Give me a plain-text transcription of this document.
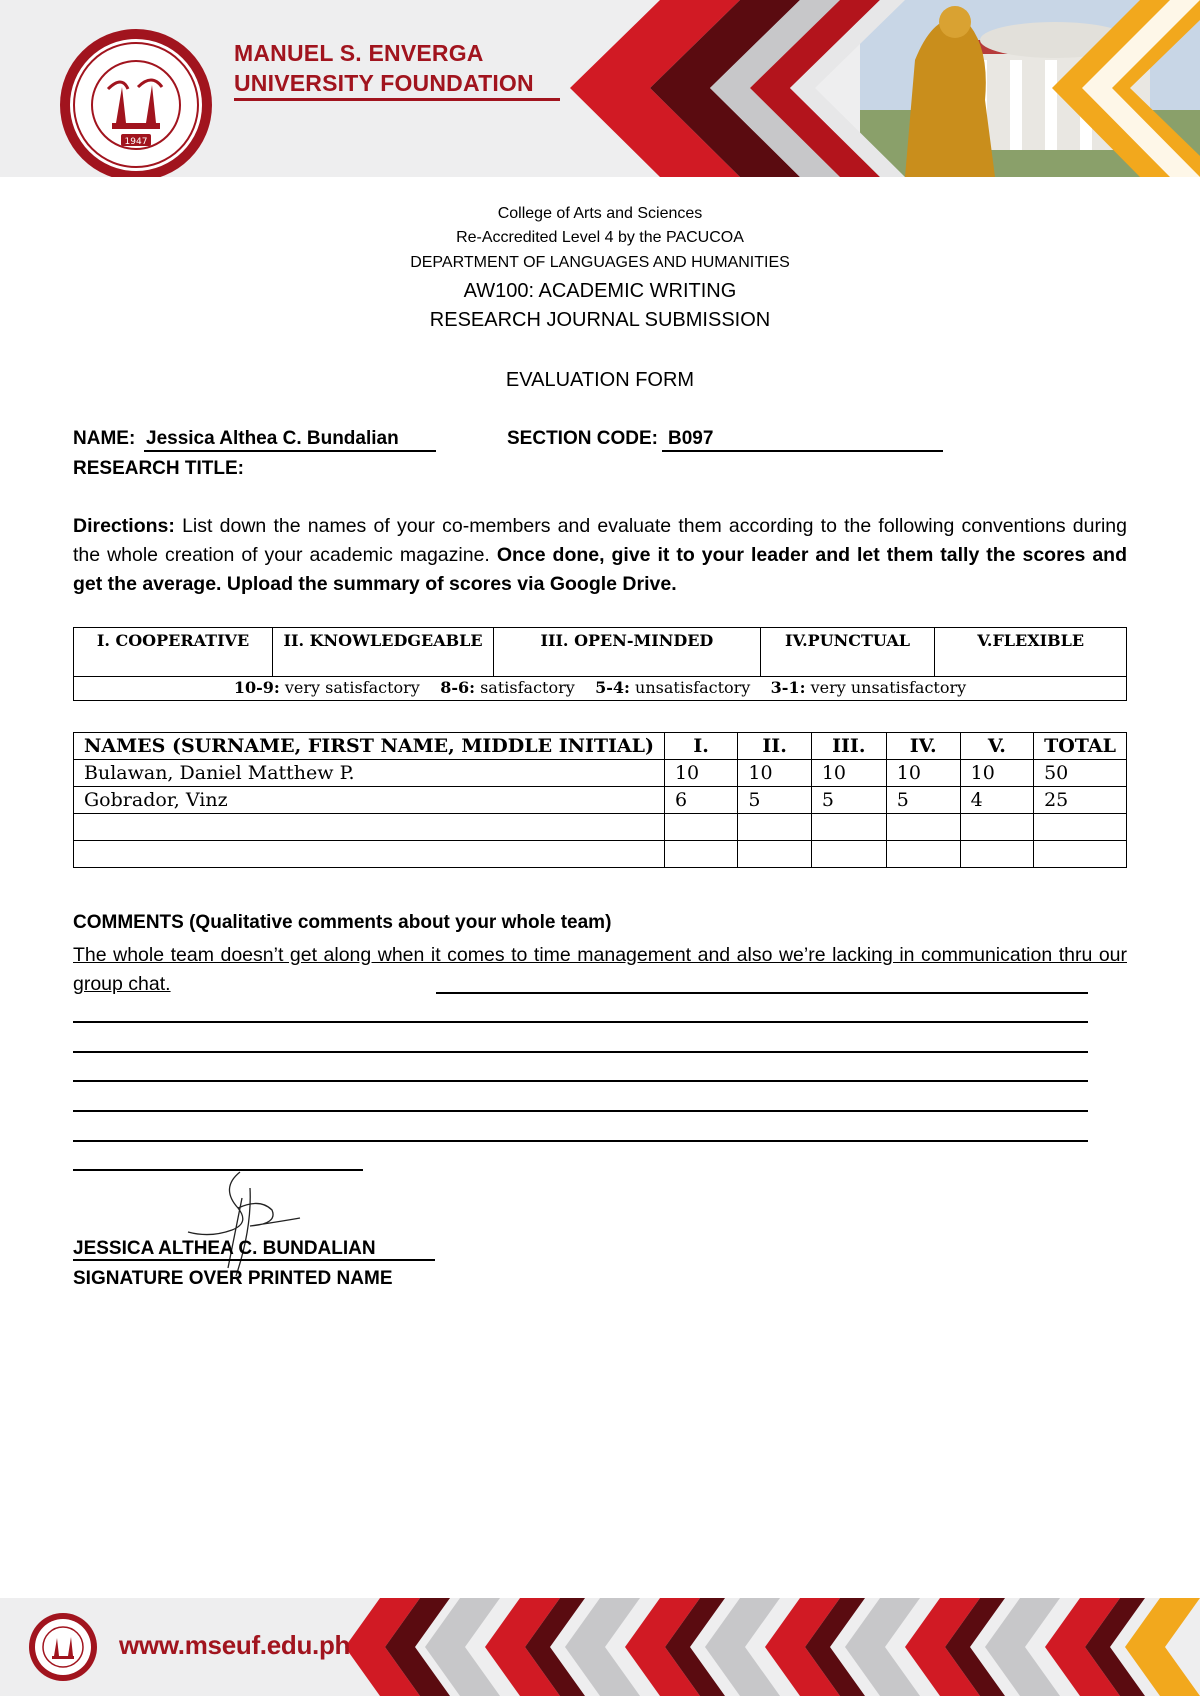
1947
MANUEL S. ENVERGA
UNIVERSITY FOUNDATION
College of Arts and Sciences
Re-Accredited Level 4 by the PACUCOA
DEPARTMENT OF LANGUAGES AND HUMANITIES
AW100: ACADEMIC WRITING
RESEARCH JOURNAL SUBMISSION
EVALUATION FORM
NAME: Jessica Althea C. Bundalian	SECTION CODE: B097
RESEARCH TITLE:
Directions: List down the names of your co-members and evaluate them according to the following conventions during the whole creation of your academic magazine. Once done, give it to your leader and let them tally the scores and get the average. Upload the summary of scores via Google Drive.
I. COOPERATIVE	II. KNOWLEDGEABLE	III. OPEN-MINDED	IV.PUNCTUAL	V.FLEXIBLE
10-9: very satisfactory 8-6: satisfactory 5-4: unsatisfactory 3-1: very unsatisfactory
NAMES (SURNAME, FIRST NAME, MIDDLE INITIAL)	I.	II.	III.	IV.	V.	TOTAL
Bulawan, Daniel Matthew P.	10	10	10	10	10	50
Gobrador, Vinz	6	5	5	5	4	25

COMMENTS (Qualitative comments about your whole team)
The whole team doesn’t get along when it comes to time management and also we’re lacking in communication thru our group chat.
JESSICA ALTHEA C. BUNDALIAN
SIGNATURE OVER PRINTED NAME
www.mseuf.edu.ph
